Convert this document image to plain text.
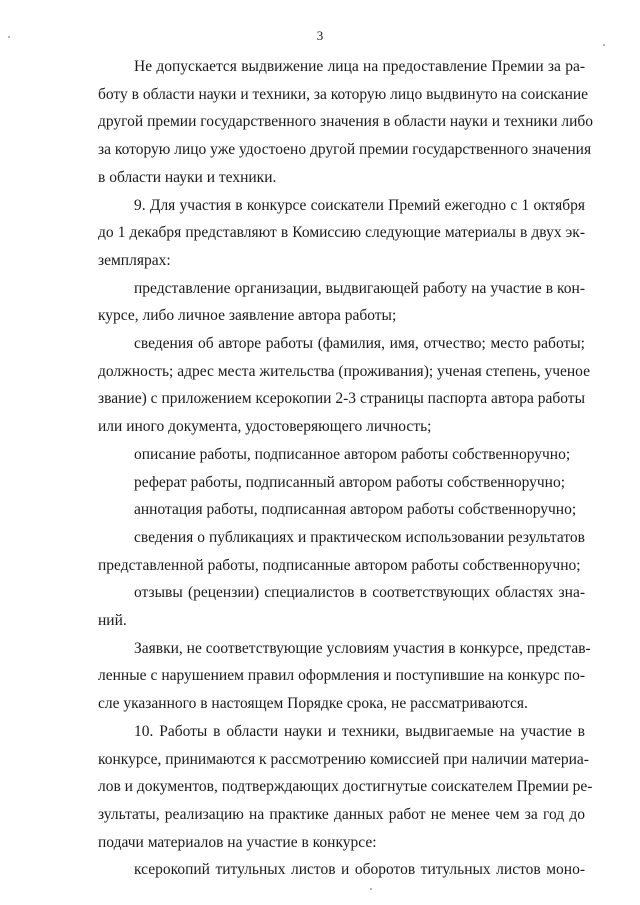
3
Не допускается выдвижение лица на предоставление Премии за ра-
боту в области науки и техники, за которую лицо выдвинуто на соискание
другой премии государственного значения в области науки и техники либо
за которую лицо уже удостоено другой премии государственного значения
в области науки и техники.
9. Для участия в конкурсе соискатели Премий ежегодно с 1 октября
до 1 декабря представляют в Комиссию следующие материалы в двух эк-
земплярах:
представление организации, выдвигающей работу на участие в кон-
курсе, либо личное заявление автора работы;
сведения об авторе работы (фамилия, имя, отчество; место работы;
должность; адрес места жительства (проживания); ученая степень, ученое
звание) с приложением ксерокопии 2-3 страницы паспорта автора работы
или иного документа, удостоверяющего личность;
описание работы, подписанное автором работы собственноручно;
реферат работы, подписанный автором работы собственноручно;
аннотация работы, подписанная автором работы собственноручно;
сведения о публикациях и практическом использовании результатов
представленной работы, подписанные автором работы собственноручно;
отзывы (рецензии) специалистов в соответствующих областях зна-
ний.
Заявки, не соответствующие условиям участия в конкурсе, представ-
ленные с нарушением правил оформления и поступившие на конкурс по-
сле указанного в настоящем Порядке срока, не рассматриваются.
10. Работы в области науки и техники, выдвигаемые на участие в
конкурсе, принимаются к рассмотрению комиссией при наличии материа-
лов и документов, подтверждающих достигнутые соискателем Премии ре-
зультаты, реализацию на практике данных работ не менее чем за год до
подачи материалов на участие в конкурсе:
ксерокопий титульных листов и оборотов титульных листов моно-
